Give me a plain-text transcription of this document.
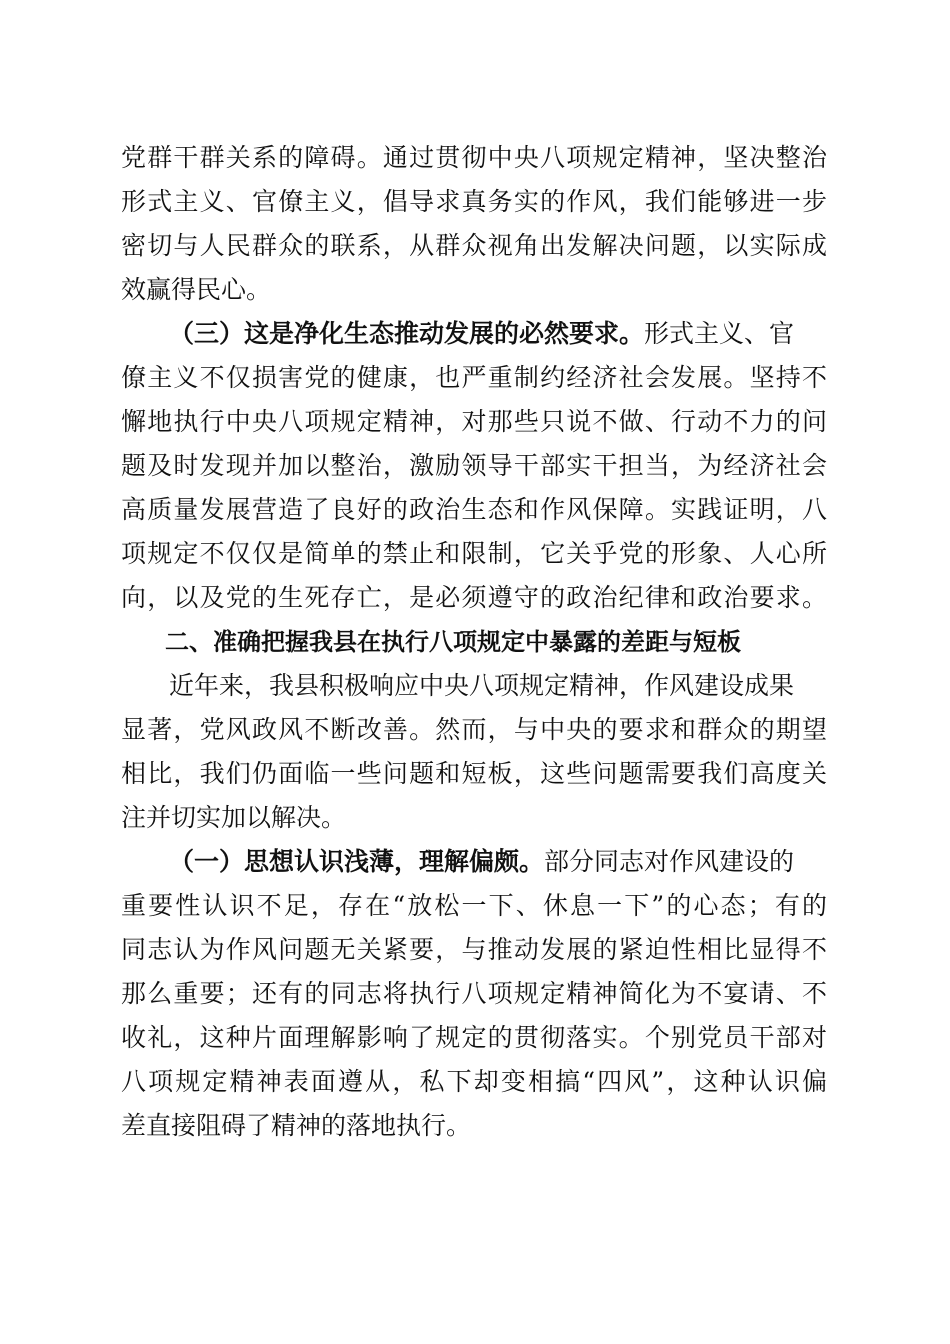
党群干群关系的障碍。通过贯彻中央八项规定精神，坚决整治
形式主义、官僚主义，倡导求真务实的作风，我们能够进一步
密切与人民群众的联系，从群众视角出发解决问题，以实际成
效赢得民心。
（三）这是净化生态推动发展的必然要求。形式主义、官
僚主义不仅损害党的健康，也严重制约经济社会发展。坚持不
懈地执行中央八项规定精神，对那些只说不做、行动不力的问
题及时发现并加以整治，激励领导干部实干担当，为经济社会
高质量发展营造了良好的政治生态和作风保障。实践证明，八
项规定不仅仅是简单的禁止和限制，它关乎党的形象、人心所
向，以及党的生死存亡，是必须遵守的政治纪律和政治要求。
二、准确把握我县在执行八项规定中暴露的差距与短板
近年来，我县积极响应中央八项规定精神，作风建设成果
显著，党风政风不断改善。然而，与中央的要求和群众的期望
相比，我们仍面临一些问题和短板，这些问题需要我们高度关
注并切实加以解决。
（一）思想认识浅薄，理解偏颇。部分同志对作风建设的
重要性认识不足，存在“放松一下、休息一下”的心态；有的
同志认为作风问题无关紧要，与推动发展的紧迫性相比显得不
那么重要；还有的同志将执行八项规定精神简化为不宴请、不
收礼，这种片面理解影响了规定的贯彻落实。个别党员干部对
八项规定精神表面遵从，私下却变相搞“四风”，这种认识偏
差直接阻碍了精神的落地执行。
